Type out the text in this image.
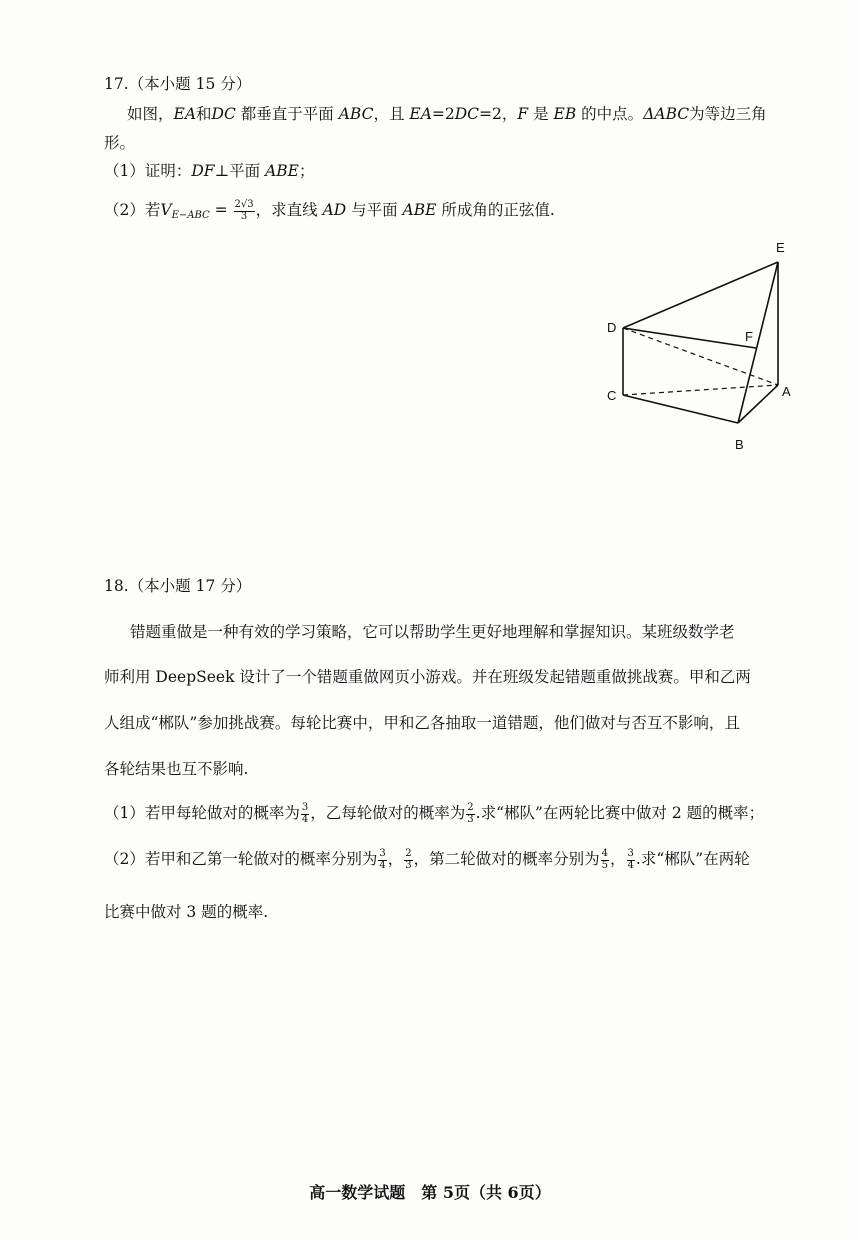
17.（本小题 15 分）
如图，EA和DC 都垂直于平面 ABC，且 EA=2DC=2，F 是 EB 的中点。ΔABC为等边三角
形。
（1）证明：DF⊥平面 ABE；
（2）若$V_{E-ABC} = \frac{2√3}{3}$ ，求直线 AD 与平面 ABE 所成角的正弦值.
E
D
F
C	A
B
18.（本小题 17 分）
错题重做是一种有效的学习策略，它可以帮助学生更好地理解和掌握知识。某班级数学老
师利用 DeepSeek 设计了一个错题重做网页小游戏。并在班级发起错题重做挑战赛。甲和乙两
人组成“郴队”参加挑战赛。每轮比赛中，甲和乙各抽取一道错题，他们做对与否互不影响，且
各轮结果也互不影响.
（1）若甲每轮做对的概率为 $\frac{3}{4}$ ，乙每轮做对的概率为 $\frac{2}{3}$ .求“郴队”在两轮比赛中做对 2 题的概率；
（2）若甲和乙第一轮做对的概率分别为 $\frac{3}{4}$ ， $\frac{2}{3}$ ，第二轮做对的概率分别为 $\frac{4}{5}$ ， $\frac{3}{4}$ .求“郴队”在两轮
比赛中做对 3 题的概率.
高一数学试题　第 5页（共 6页）
